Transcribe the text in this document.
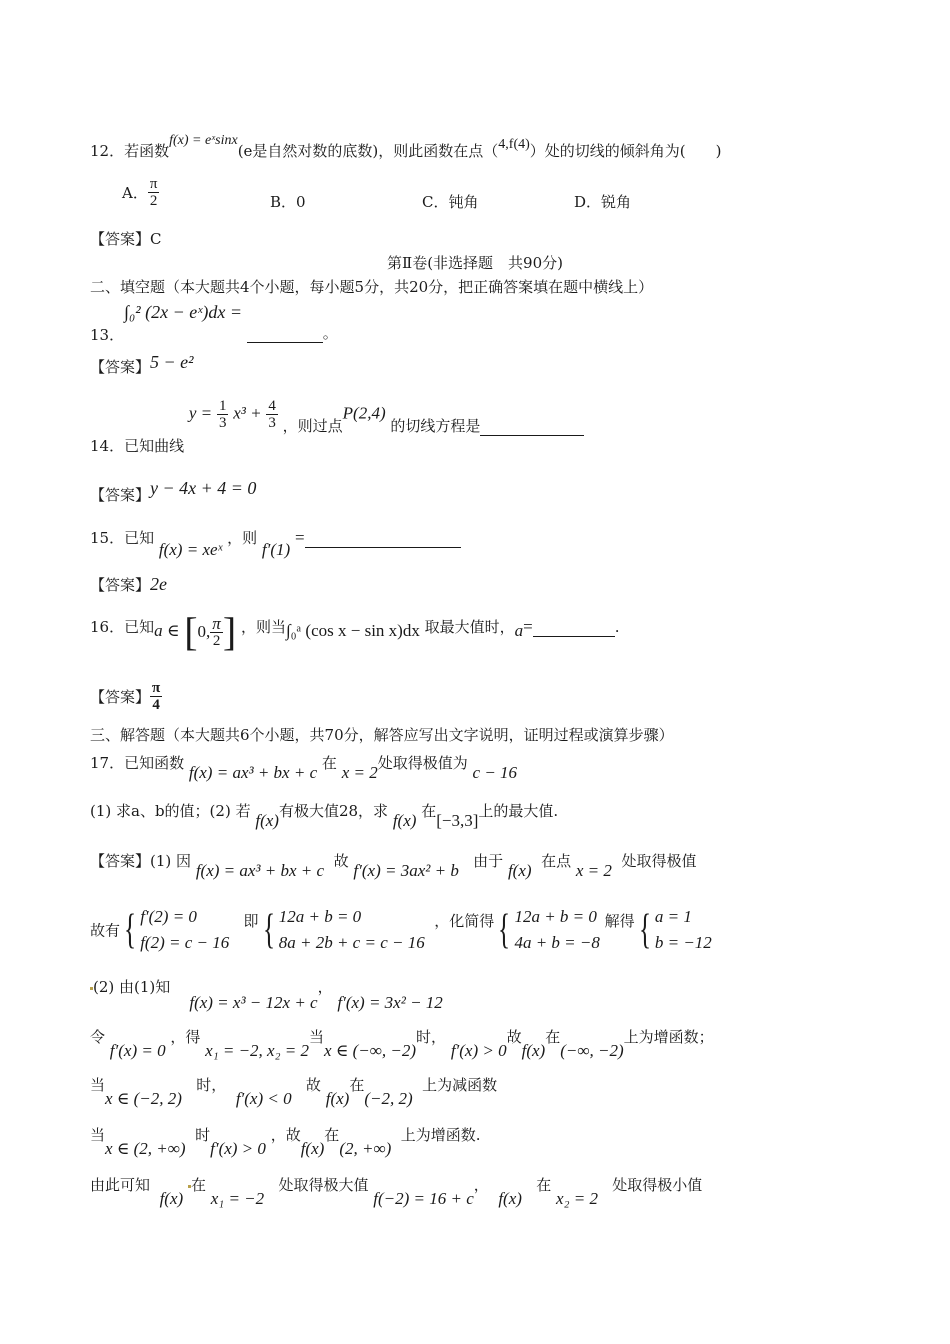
12．若函数f(x) = eˣsinx(e是自然对数的底数)，则此函数在点（4,f(4)）处的切线的倾斜角为(　　)
A． $\frac{\pi}{2}$	B．0	C．钝角	D．锐角
【答案】C
第Ⅱ卷(非选择题　共90分)
二、填空题（本大题共4个小题，每小题5分，共20分，把正确答案填在题中横线上）
13．∫₀² (2x − eˣ)dx =  。
【答案】5 − e²
14．已知曲线 $y = \frac{1}{3} x^3 + \frac{4}{3}$ ，则过点P(2,4) 的切线方程是
【答案】y − 4x + 4 = 0
15．已知 f(x) = xeˣ ，则 f′(1) =
【答案】2e
16．已知a ∈ [0, $\frac{\pi}{2}$ ] ，则当∫₀ᵃ (cos x − sin x)dx 取最大值时，a=	.
【答案】 $\frac{\pi}{4}$
三、解答题（本大题共6个小题，共70分，解答应写出文字说明，证明过程或演算步骤）
17．已知函数 f(x) = ax³ + bx + c 在 x = 2处取得极值为 c − 16
(1) 求a、b的值；(2) 若 f(x)有极大值28，求 f(x) 在[−3,3]上的最大值.
【答案】(1) 因 f(x) = ax³ + bx + c 故 f′(x) = 3ax² + b 由于 f(x) 在点 x = 2 处取得极值
故有{ f′(2) = 0
f(2) = c − 16
即{ 12a + b = 0
8a + 2b + c = c − 16
，化简得{ 12a + b = 0
4a + b = −8
解得{ a = 1
b = −12
(2) 由(1)知    f(x) = x³ − 12x + c， f′(x) = 3x² − 12
令 f′(x) = 0 ，得 x₁ = −2, x₂ = 2当x ∈ (−∞, −2)时， f′(x) > 0故f(x)在(−∞, −2)上为增函数；
当x ∈ (−2, 2)   时，  f′(x) < 0   故 f(x)在(−2, 2)  上为减函数
当x ∈ (2, +∞)  时f′(x) > 0 ，故f(x)在(2, +∞)  上为增函数.
由此可知  f(x) 在 x₁ = −2   处取得极大值 f(−2) = 16 + c，  f(x)   在 x₂ = 2   处取得极小值
